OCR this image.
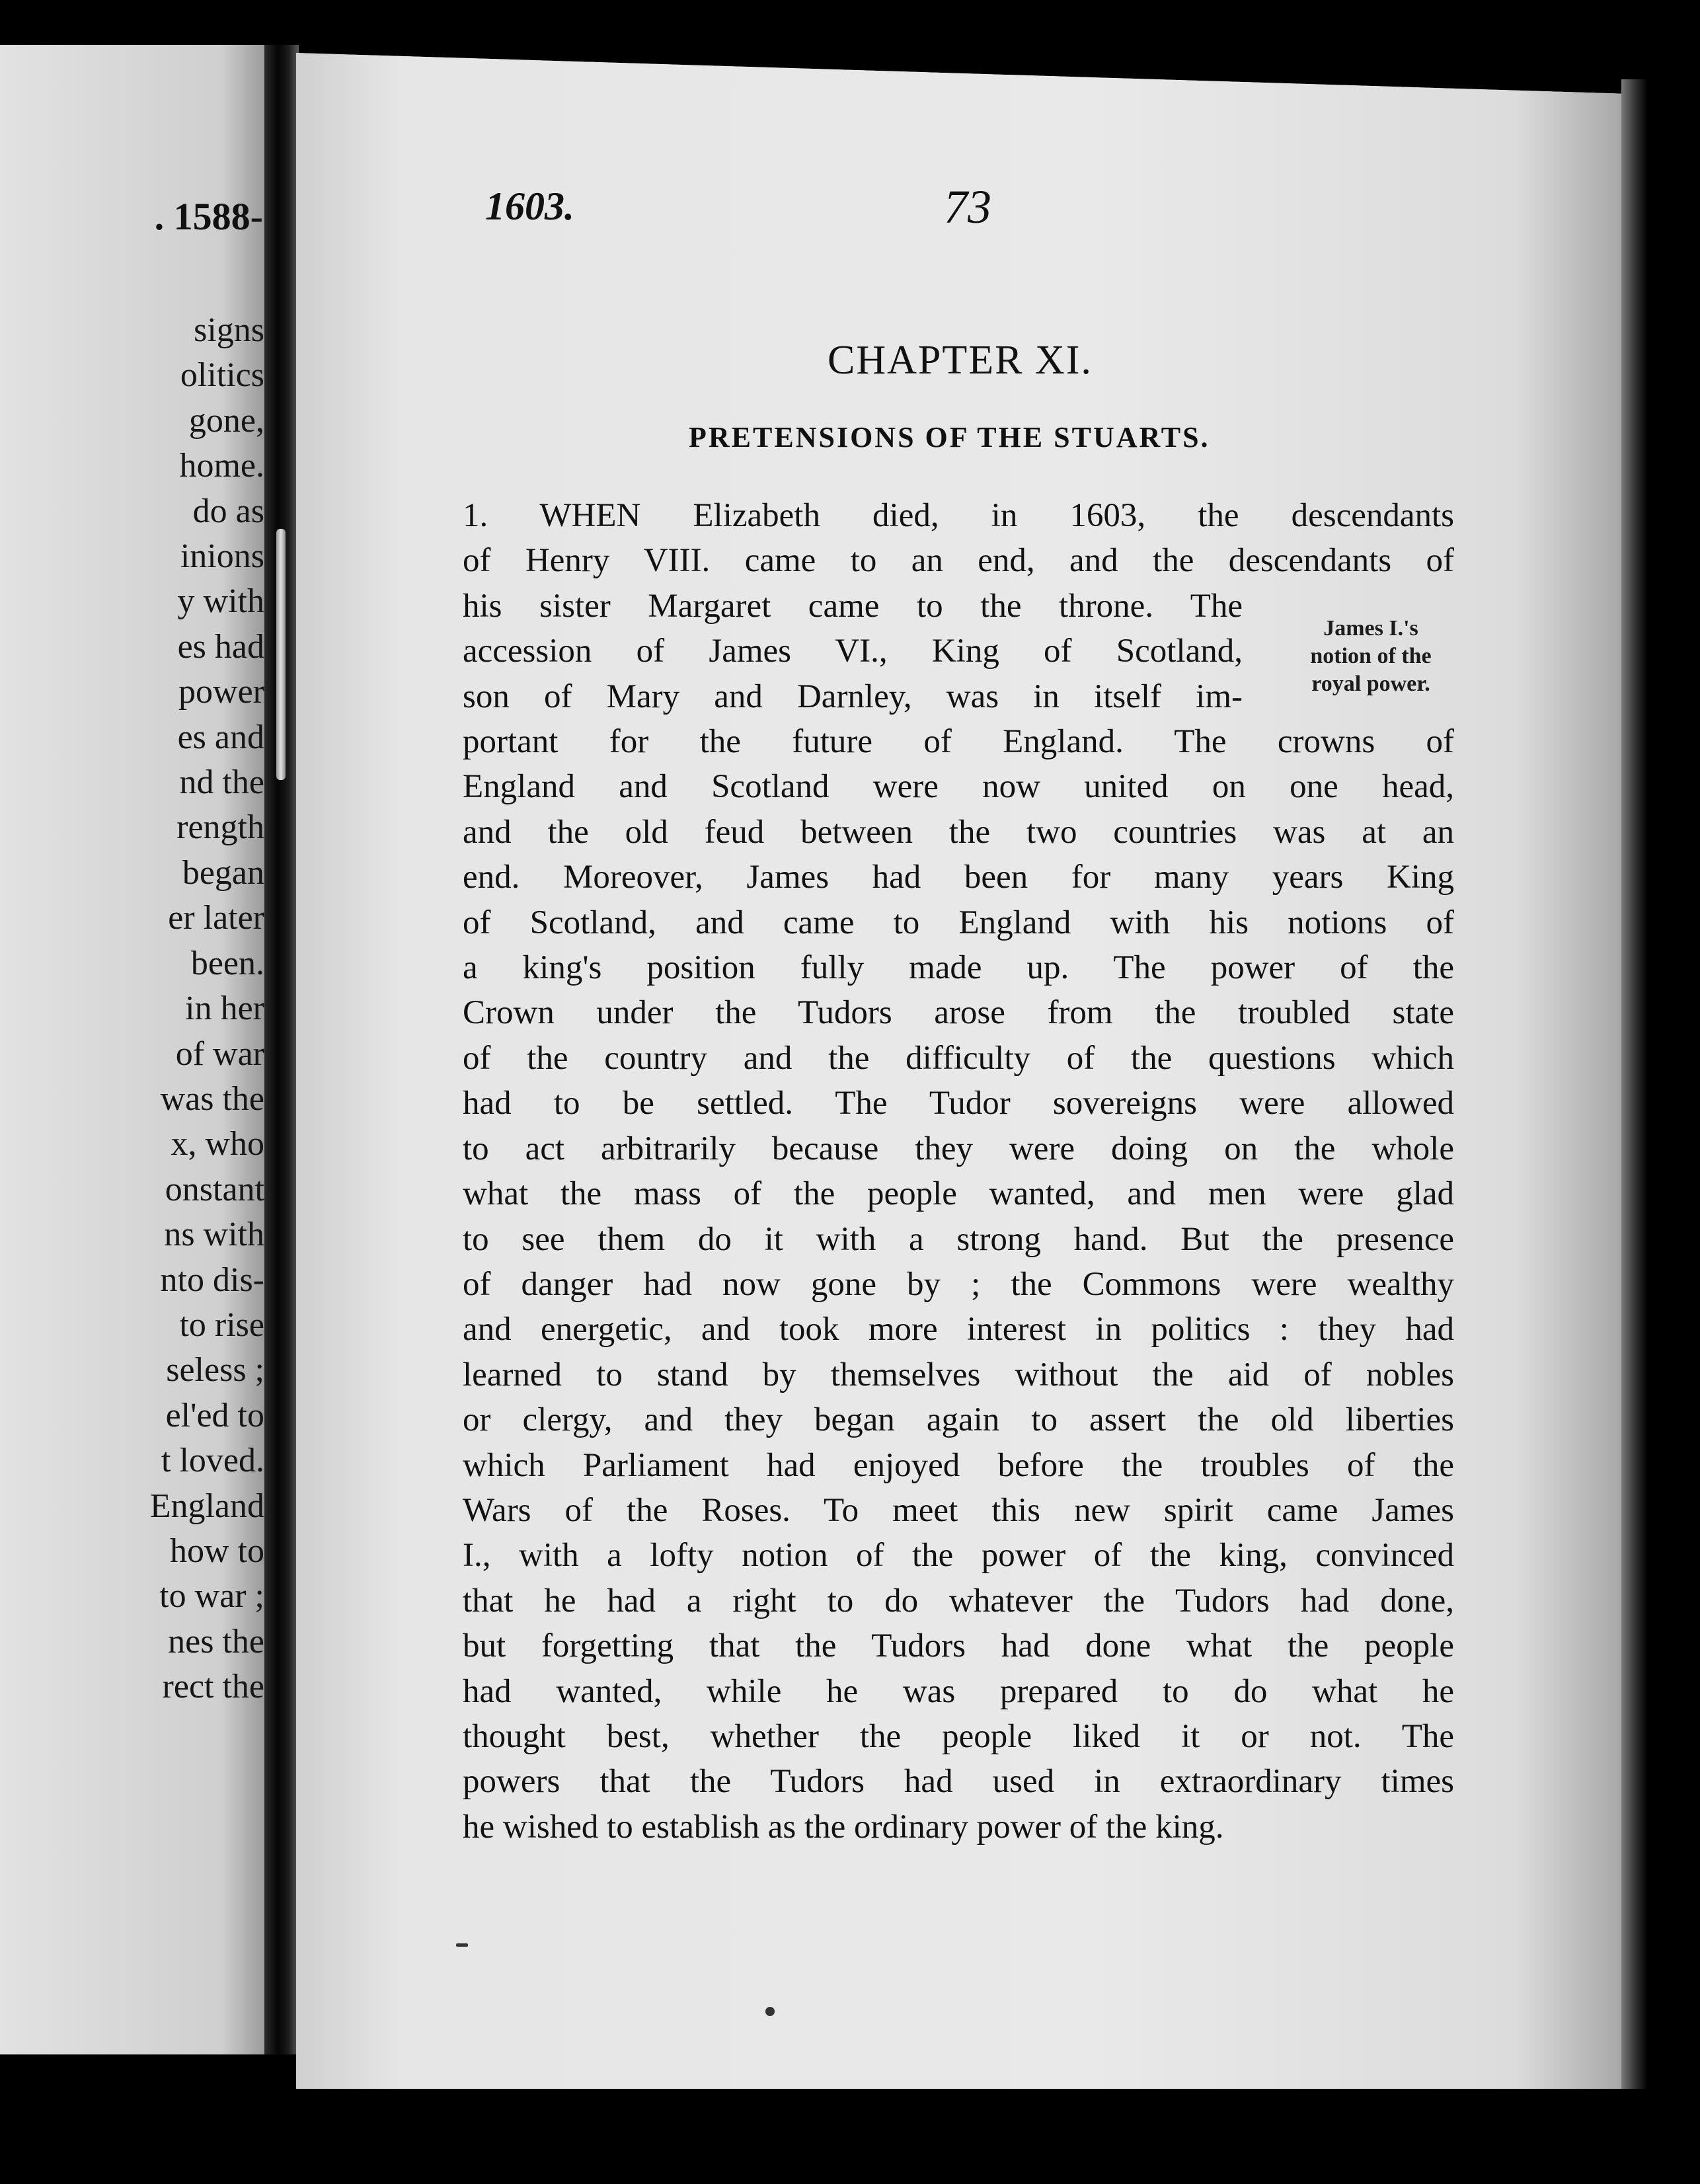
. 1588-
signs
olitics
gone,
home.
do as
inions
y with
es had
power
es and
nd the
rength
began
er later
been.
in her
of war
was the
x, who
onstant
ns with
nto dis-
to rise
seless ;
el'ed to
t loved.
England
how to
to war ;
nes the
rect the
1603.	73
CHAPTER XI.
PRETENSIONS OF THE STUARTS.
1. WHEN Elizabeth died, in 1603, the descendants
of Henry VIII. came to an end, and the descendants of
his sister Margaret came to the throne. The
accession of James VI., King of Scotland,
son of Mary and Darnley, was in itself im-
portant for the future of England. The crowns of
England and Scotland were now united on one head,
and the old feud between the two countries was at an
end. Moreover, James had been for many years King
of Scotland, and came to England with his notions of
a king's position fully made up. The power of the
Crown under the Tudors arose from the troubled state
of the country and the difficulty of the questions which
had to be settled. The Tudor sovereigns were allowed
to act arbitrarily because they were doing on the whole
what the mass of the people wanted, and men were glad
to see them do it with a strong hand. But the presence
of danger had now gone by ; the Commons were wealthy
and energetic, and took more interest in politics : they had
learned to stand by themselves without the aid of nobles
or clergy, and they began again to assert the old liberties
which Parliament had enjoyed before the troubles of the
Wars of the Roses. To meet this new spirit came James
I., with a lofty notion of the power of the king, convinced
that he had a right to do whatever the Tudors had done,
but forgetting that the Tudors had done what the people
had wanted, while he was prepared to do what he
thought best, whether the people liked it or not. The
powers that the Tudors had used in extraordinary times
he wished to establish as the ordinary power of the king.
James I.'s
notion of the
royal power.
